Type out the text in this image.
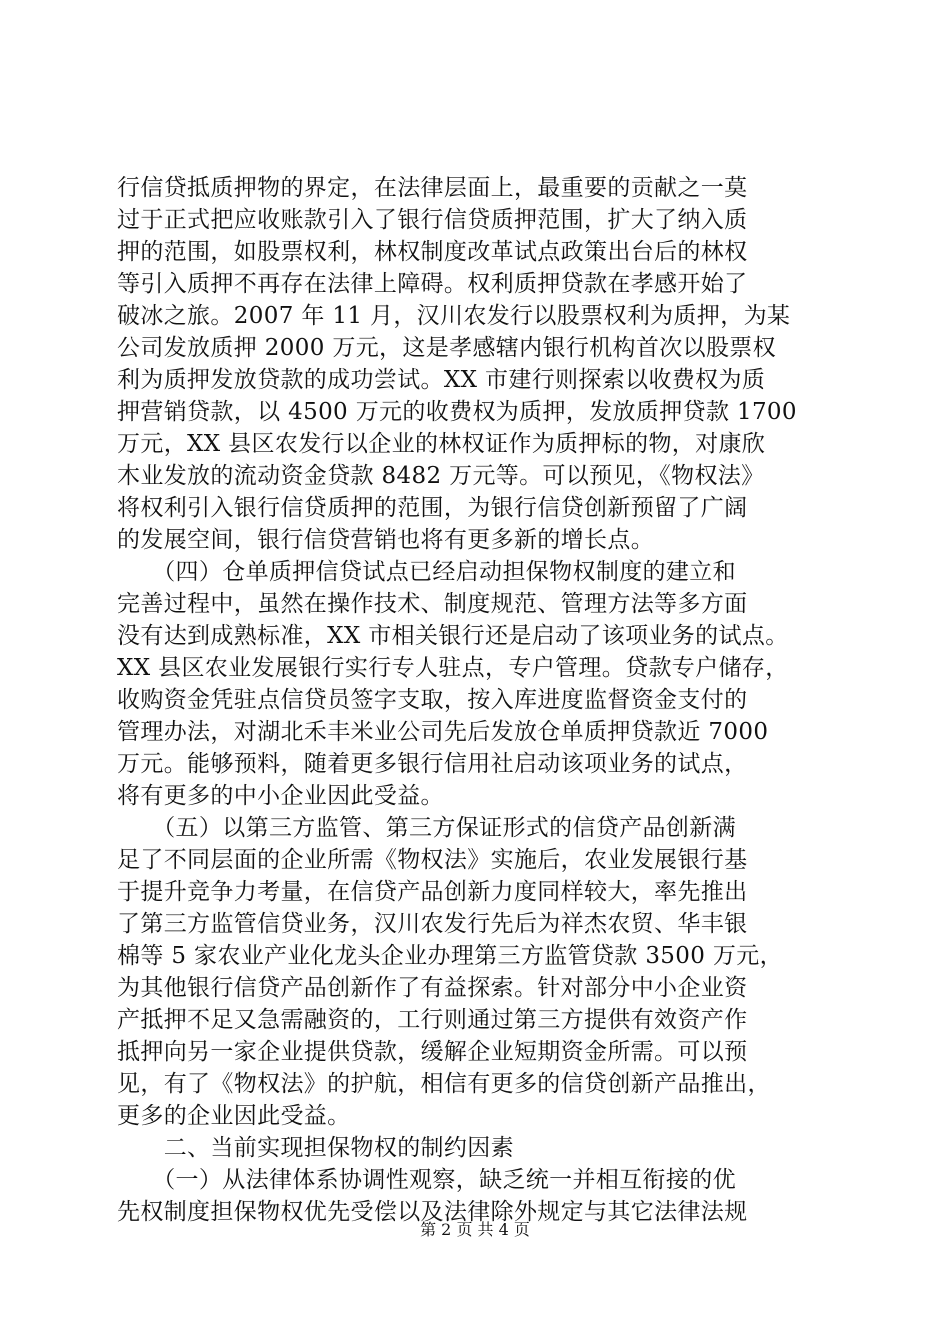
行信贷抵质押物的界定，在法律层面上，最重要的贡献之一莫
过于正式把应收账款引入了银行信贷质押范围，扩大了纳入质
押的范围，如股票权利，林权制度改革试点政策出台后的林权
等引入质押不再存在法律上障碍。权利质押贷款在孝感开始了
破冰之旅。2007 年 11 月，汉川农发行以股票权利为质押，为某
公司发放质押 2000 万元，这是孝感辖内银行机构首次以股票权
利为质押发放贷款的成功尝试。XX 市建行则探索以收费权为质
押营销贷款，以 4500 万元的收费权为质押，发放质押贷款 1700
万元，XX 县区农发行以企业的林权证作为质押标的物，对康欣
木业发放的流动资金贷款 8482 万元等。可以预见，《物权法》
将权利引入银行信贷质押的范围，为银行信贷创新预留了广阔
的发展空间，银行信贷营销也将有更多新的增长点。
　　（四）仓单质押信贷试点已经启动担保物权制度的建立和
完善过程中，虽然在操作技术、制度规范、管理方法等多方面
没有达到成熟标准，XX 市相关银行还是启动了该项业务的试点。
XX 县区农业发展银行实行专人驻点，专户管理。贷款专户储存，
收购资金凭驻点信贷员签字支取，按入库进度监督资金支付的
管理办法，对湖北禾丰米业公司先后发放仓单质押贷款近 7000
万元。能够预料，随着更多银行信用社启动该项业务的试点，
将有更多的中小企业因此受益。
　　（五）以第三方监管、第三方保证形式的信贷产品创新满
足了不同层面的企业所需《物权法》实施后，农业发展银行基
于提升竞争力考量，在信贷产品创新力度同样较大，率先推出
了第三方监管信贷业务，汉川农发行先后为祥杰农贸、华丰银
棉等 5 家农业产业化龙头企业办理第三方监管贷款 3500 万元，
为其他银行信贷产品创新作了有益探索。针对部分中小企业资
产抵押不足又急需融资的，工行则通过第三方提供有效资产作
抵押向另一家企业提供贷款，缓解企业短期资金所需。可以预
见，有了《物权法》的护航，相信有更多的信贷创新产品推出，
更多的企业因此受益。
　　二、当前实现担保物权的制约因素
　　（一）从法律体系协调性观察，缺乏统一并相互衔接的优
先权制度担保物权优先受偿以及法律除外规定与其它法律法规
第 2 页 共 4 页
